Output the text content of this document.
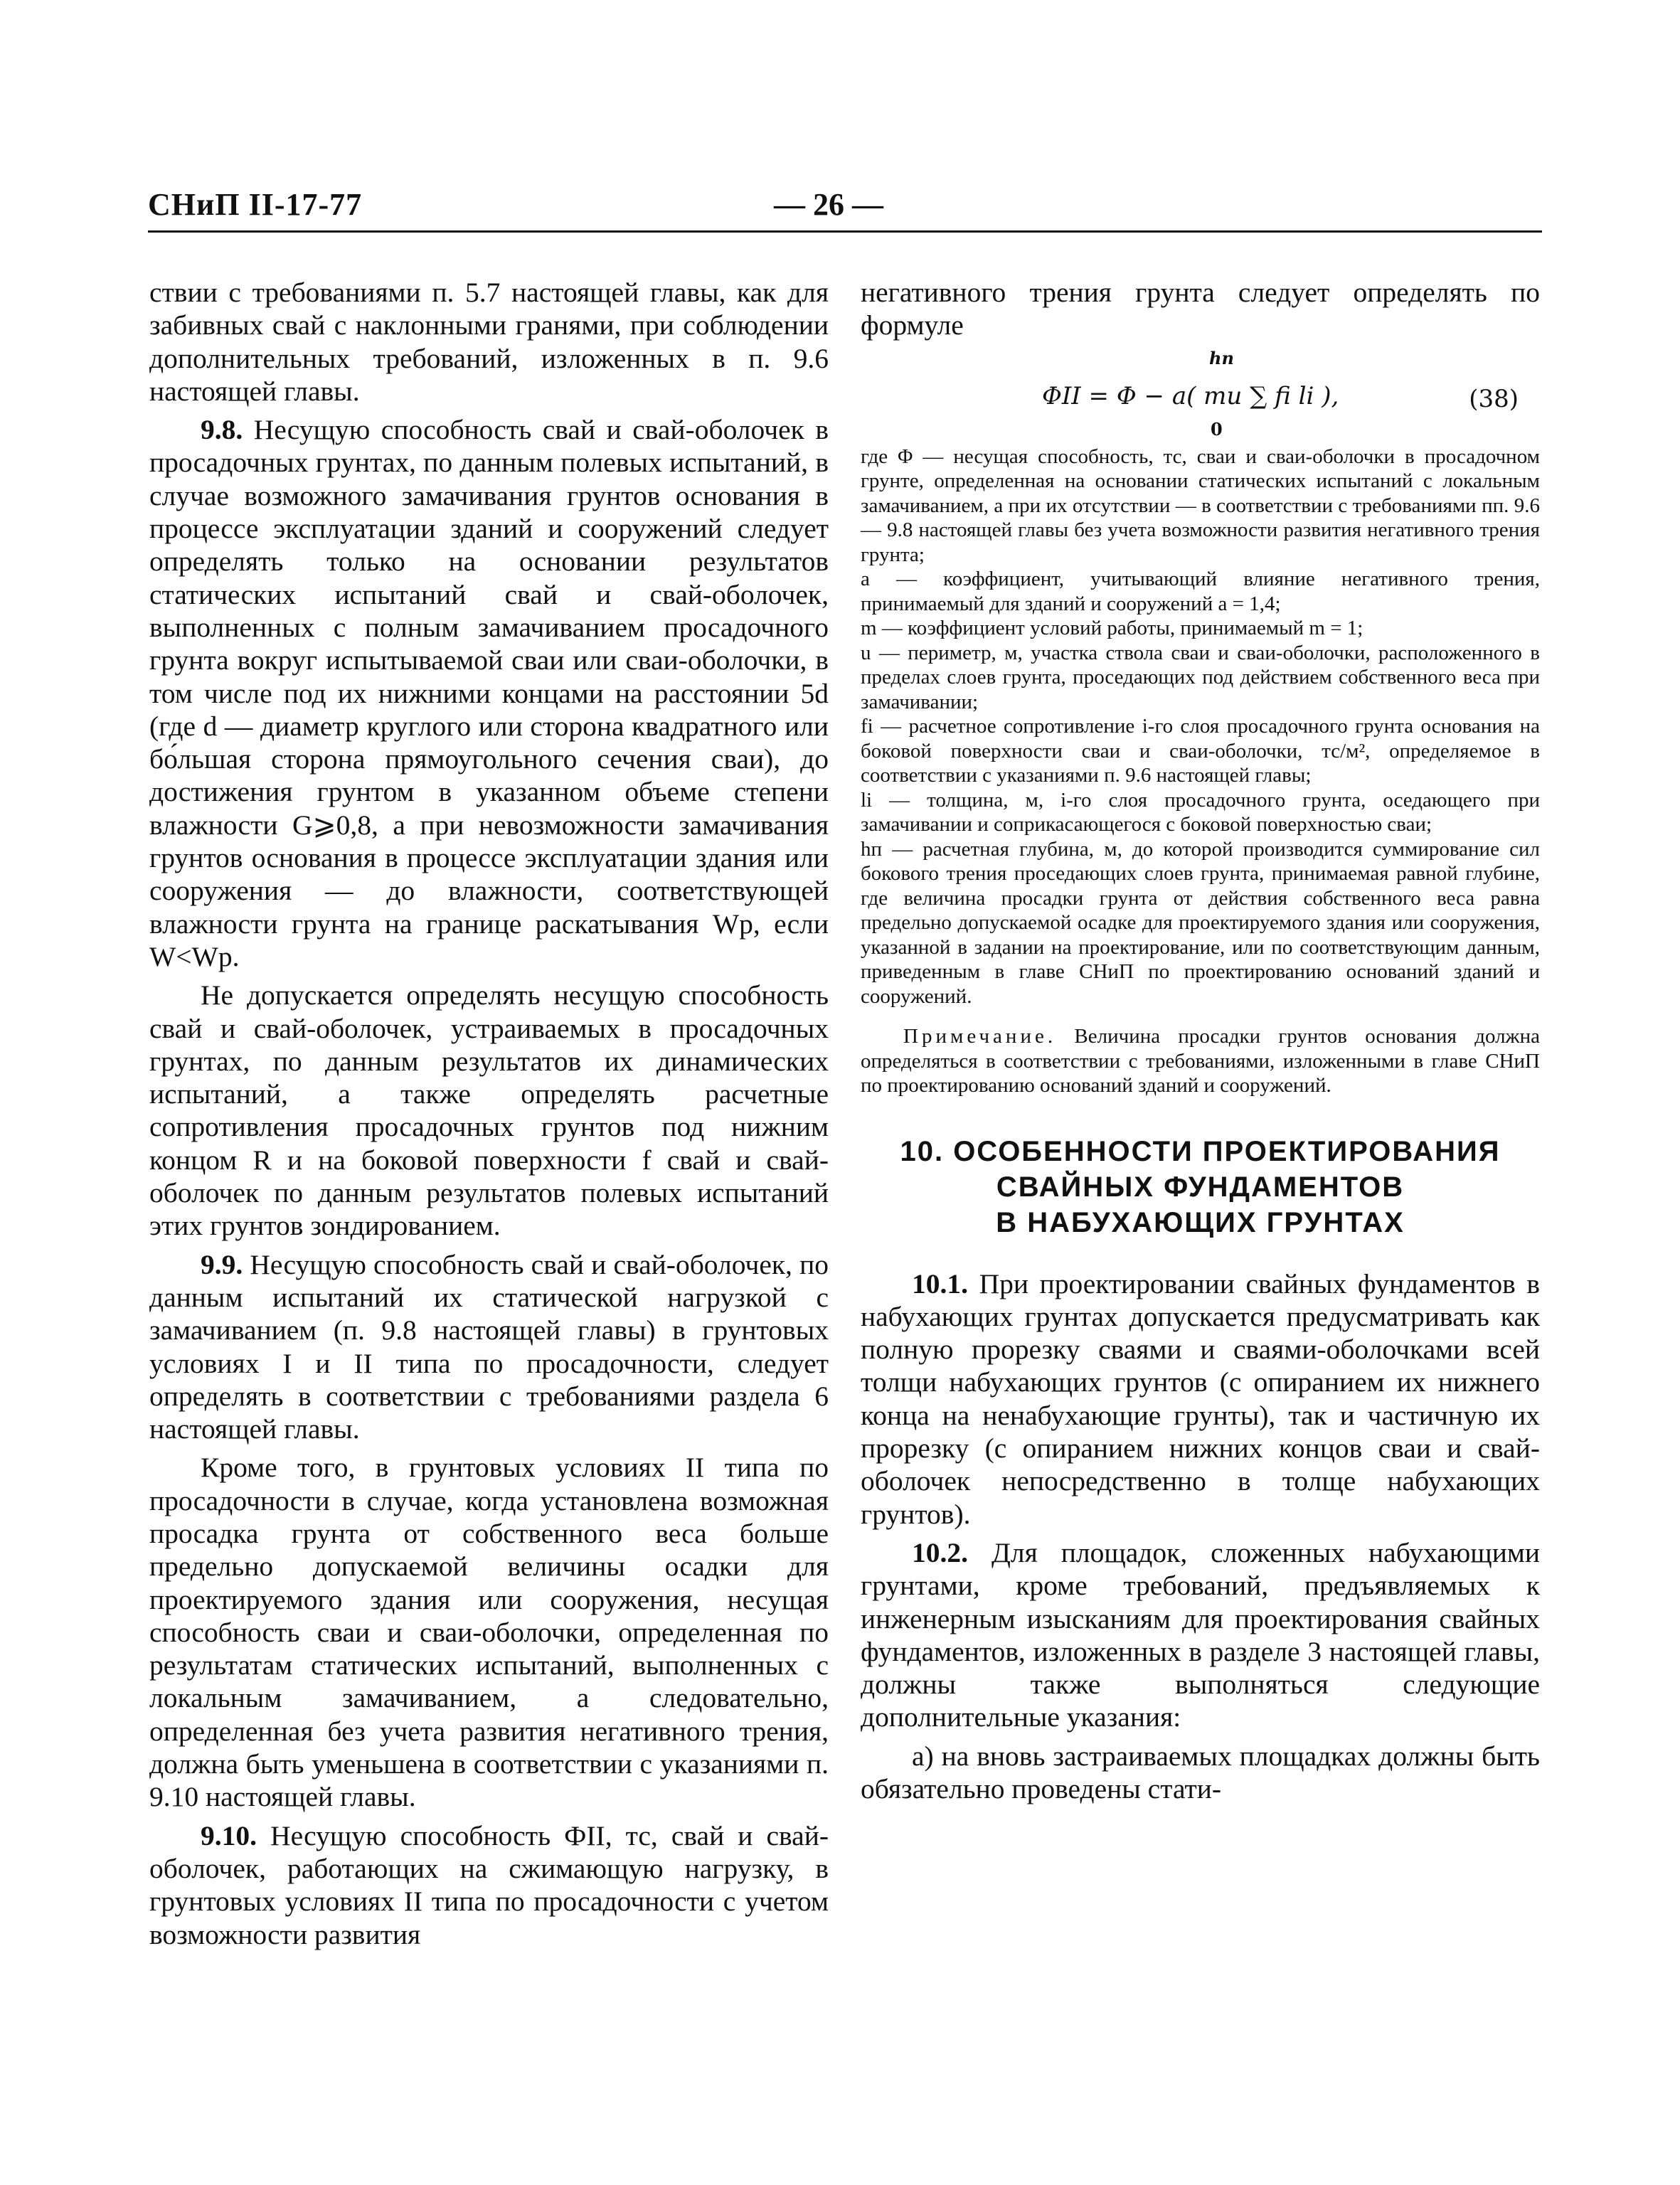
СНиП II-17-77	— 26 —

ствии с требованиями п. 5.7 настоящей главы, как для забивных свай с наклонными гранями, при соблюдении дополнительных требований, изложенных в п. 9.6 настоящей главы.

9.8. Несущую способность свай и свай-оболочек в просадочных грунтах, по данным полевых испытаний, в случае возможного замачивания грунтов основания в процессе эксплуатации зданий и сооружений следует определять только на основании результатов статических испытаний свай и свай-оболочек, выполненных с полным замачиванием просадочного грунта вокруг испытываемой сваи или сваи-оболочки, в том числе под их нижними концами на расстоянии 5d (где d — диаметр круглого или сторона квадратного или бо́льшая сторона прямоугольного сечения сваи), до достижения грунтом в указанном объеме степени влажности G⩾0,8, а при невозможности замачивания грунтов основания в процессе эксплуатации здания или сооружения — до влажности, соответствующей влажности грунта на границе раскатывания Wp, если W<Wp.

Не допускается определять несущую способность свай и свай-оболочек, устраиваемых в просадочных грунтах, по данным результатов их динамических испытаний, а также определять расчетные сопротивления просадочных грунтов под нижним концом R и на боковой поверхности f свай и свай-оболочек по данным результатов полевых испытаний этих грунтов зондированием.

9.9. Несущую способность свай и свай-оболочек, по данным испытаний их статической нагрузкой с замачиванием (п. 9.8 настоящей главы) в грунтовых условиях I и II типа по просадочности, следует определять в соответствии с требованиями раздела 6 настоящей главы.

Кроме того, в грунтовых условиях II типа по просадочности в случае, когда установлена возможная просадка грунта от собственного веса больше предельно допускаемой величины осадки для проектируемого здания или сооружения, несущая способность сваи и сваи-оболочки, определенная по результатам статических испытаний, выполненных с локальным замачиванием, а следовательно, определенная без учета развития негативного трения, должна быть уменьшена в соответствии с указаниями п. 9.10 настоящей главы.

9.10. Несущую способность ФII, тс, свай и свай-оболочек, работающих на сжимающую нагрузку, в грунтовых условиях II типа по просадочности с учетом возможности развития

негативного трения грунта следует определять по формуле

hп
ΦII = Φ − a( mu ∑ fi li ),
0
(38)

где Φ — несущая способность, тс, сваи и сваи-оболочки в просадочном грунте, определенная на основании статических испытаний с локальным замачиванием, а при их отсутствии — в соответствии с требованиями пп. 9.6 — 9.8 настоящей главы без учета возможности развития негативного трения грунта;

a — коэффициент, учитывающий влияние негативного трения, принимаемый для зданий и сооружений a = 1,4;

m — коэффициент условий работы, принимаемый m = 1;

u — периметр, м, участка ствола сваи и сваи-оболочки, расположенного в пределах слоев грунта, проседающих под действием собственного веса при замачивании;

fi — расчетное сопротивление i-го слоя просадочного грунта основания на боковой поверхности сваи и сваи-оболочки, тс/м², определяемое в соответствии с указаниями п. 9.6 настоящей главы;

li — толщина, м, i-го слоя просадочного грунта, оседающего при замачивании и соприкасающегося с боковой поверхностью сваи;

hп — расчетная глубина, м, до которой производится суммирование сил бокового трения проседающих слоев грунта, принимаемая равной глубине, где величина просадки грунта от действия собственного веса равна предельно допускаемой осадке для проектируемого здания или сооружения, указанной в задании на проектирование, или по соответствующим данным, приведенным в главе СНиП по проектированию оснований зданий и сооружений.

Примечание. Величина просадки грунтов основания должна определяться в соответствии с требованиями, изложенными в главе СНиП по проектированию оснований зданий и сооружений.

10. ОСОБЕННОСТИ ПРОЕКТИРОВАНИЯ
СВАЙНЫХ ФУНДАМЕНТОВ
В НАБУХАЮЩИХ ГРУНТАХ

10.1. При проектировании свайных фундаментов в набухающих грунтах допускается предусматривать как полную прорезку сваями и сваями-оболочками всей толщи набухающих грунтов (с опиранием их нижнего конца на ненабухающие грунты), так и частичную их прорезку (с опиранием нижних концов сваи и свай-оболочек непосредственно в толще набухающих грунтов).

10.2. Для площадок, сложенных набухающими грунтами, кроме требований, предъявляемых к инженерным изысканиям для проектирования свайных фундаментов, изложенных в разделе 3 настоящей главы, должны также выполняться следующие дополнительные указания:

а) на вновь застраиваемых площадках должны быть обязательно проведены стати-
